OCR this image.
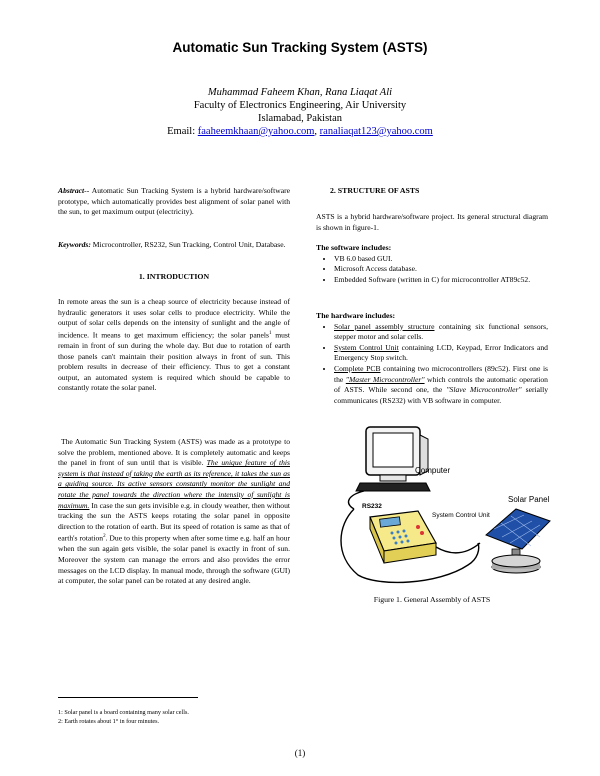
Automatic Sun Tracking System (ASTS)
Muhammad Faheem Khan, Rana Liaqat Ali
Faculty of Electronics Engineering, Air University
Islamabad, Pakistan
Email: faaheemkhaan@yahoo.com, ranaliaqat123@yahoo.com
Abstract-- Automatic Sun Tracking System is a hybrid hardware/software prototype, which automatically provides best alignment of solar panel with the sun, to get maximum output (electricity).
Keywords: Microcontroller, RS232, Sun Tracking, Control Unit, Database.
1. INTRODUCTION
In remote areas the sun is a cheap source of electricity because instead of hydraulic generators it uses solar cells to produce electricity. While the output of solar cells depends on the intensity of sunlight and the angle of incidence. It means to get maximum efficiency; the solar panels$^1$ must remain in front of sun during the whole day. But due to rotation of earth those panels can't maintain their position always in front of sun. This problem results in decrease of their efficiency. Thus to get a constant output, an automated system is required which should be capable to constantly rotate the solar panel.
The Automatic Sun Tracking System (ASTS) was made as a prototype to solve the problem, mentioned above. It is completely automatic and keeps the panel in front of sun until that is visible. The unique feature of this system is that instead of taking the earth as its reference, it takes the sun as a guiding source. Its active sensors constantly monitor the sunlight and rotate the panel towards the direction where the intensity of sunlight is maximum. In case the sun gets invisible e.g. in cloudy weather, then without tracking the sun the ASTS keeps rotating the solar panel in opposite direction to the rotation of earth. But its speed of rotation is same as that of earth's rotation$^2$. Due to this property when after some time e.g. half an hour when the sun again gets visible, the solar panel is exactly in front of sun. Moreover the system can manage the errors and also provides the error messages on the LCD display. In manual mode, through the software (GUI) at computer, the solar panel can be rotated at any desired angle.
2. STRUCTURE OF ASTS
ASTS is a hybrid hardware/software project. Its general structural diagram is shown in figure-1.
The software includes:
• VB 6.0 based GUI.
• Microsoft Access database.
• Embedded Software (written in C) for microcontroller AT89c52.
The hardware includes:
• Solar panel assembly structure containing six functional sensors, stepper motor and solar cells.
• System Control Unit containing LCD, Keypad, Error Indicators and Emergency Stop switch.
• Complete PCB containing two microcontrollers (89c52). First one is the "Master Microcontroller" which controls the automatic operation of ASTS. While second one, the "Slave Microcontroller" serially communicates (RS232) with VB software in computer.
Computer
RS232
System Control Unit
Solar Panel
Figure 1. General Assembly of ASTS
1: Solar panel is a board containing many solar cells.
2: Earth rotates about 1° in four minutes.
(1)
